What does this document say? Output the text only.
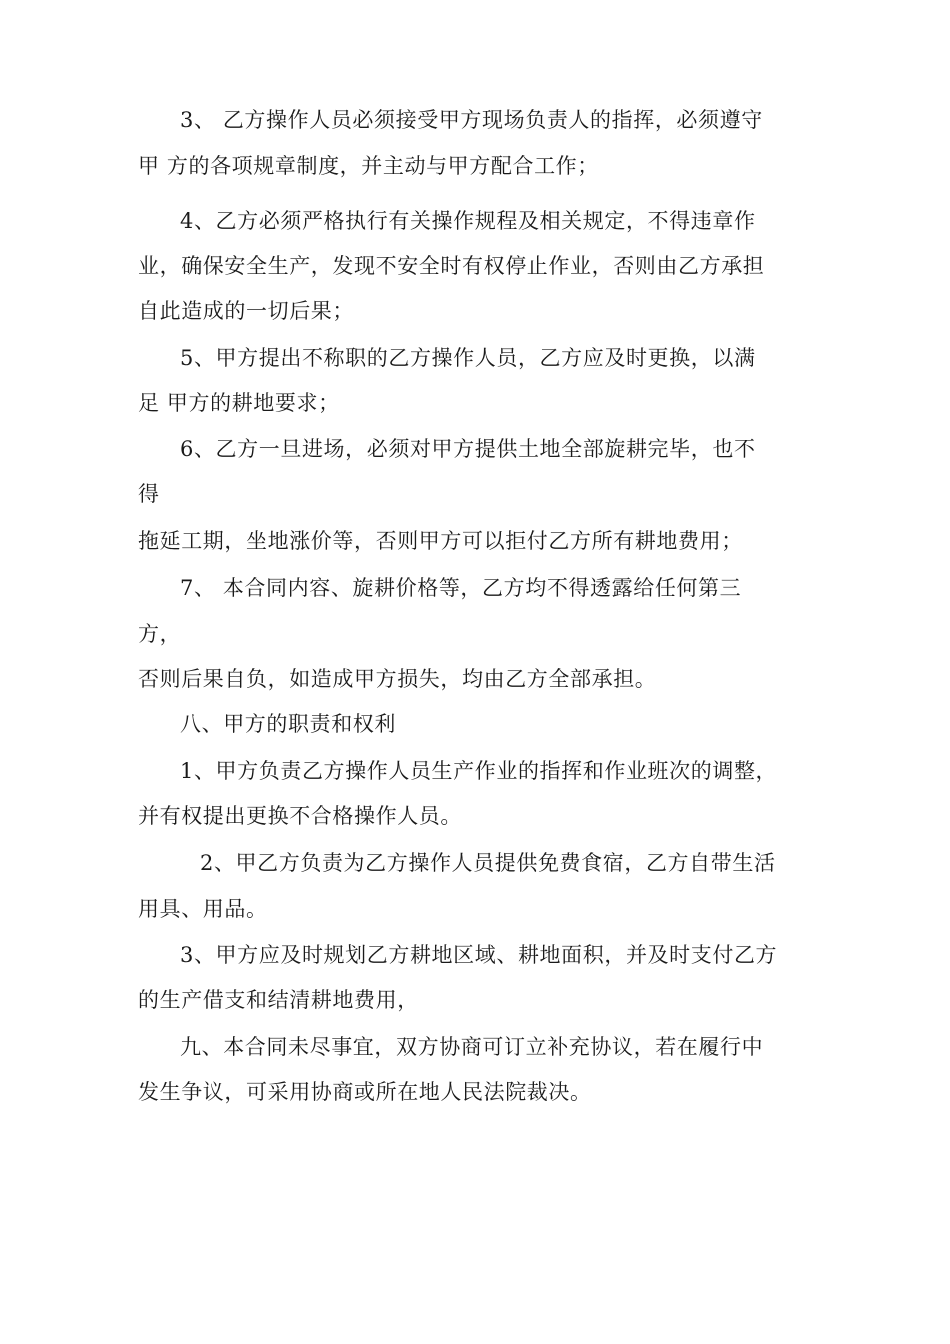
3、 乙方操作人员必须接受甲方现场负责人的指挥，必须遵守
甲 方的各项规章制度，并主动与甲方配合工作；
4、乙方必须严格执行有关操作规程及相关规定，不得违章作
业，确保安全生产，发现不安全时有权停止作业，否则由乙方承担
自此造成的一切后果；
5、甲方提出不称职的乙方操作人员，乙方应及时更换，以满
足 甲方的耕地要求；
6、乙方一旦进场，必须对甲方提供土地全部旋耕完毕，也不
得
拖延工期，坐地涨价等，否则甲方可以拒付乙方所有耕地费用；
7、 本合同内容、旋耕价格等，乙方均不得透露给任何第三
方，
否则后果自负，如造成甲方损失，均由乙方全部承担。
八、甲方的职责和权利
1、甲方负责乙方操作人员生产作业的指挥和作业班次的调整，
并有权提出更换不合格操作人员。
2、甲乙方负责为乙方操作人员提供免费食宿，乙方自带生活
用具、用品。
3、甲方应及时规划乙方耕地区域、耕地面积，并及时支付乙方
的生产借支和结清耕地费用，
九、本合同未尽事宜，双方协商可订立补充协议，若在履行中
发生争议，可采用协商或所在地人民法院裁决。
